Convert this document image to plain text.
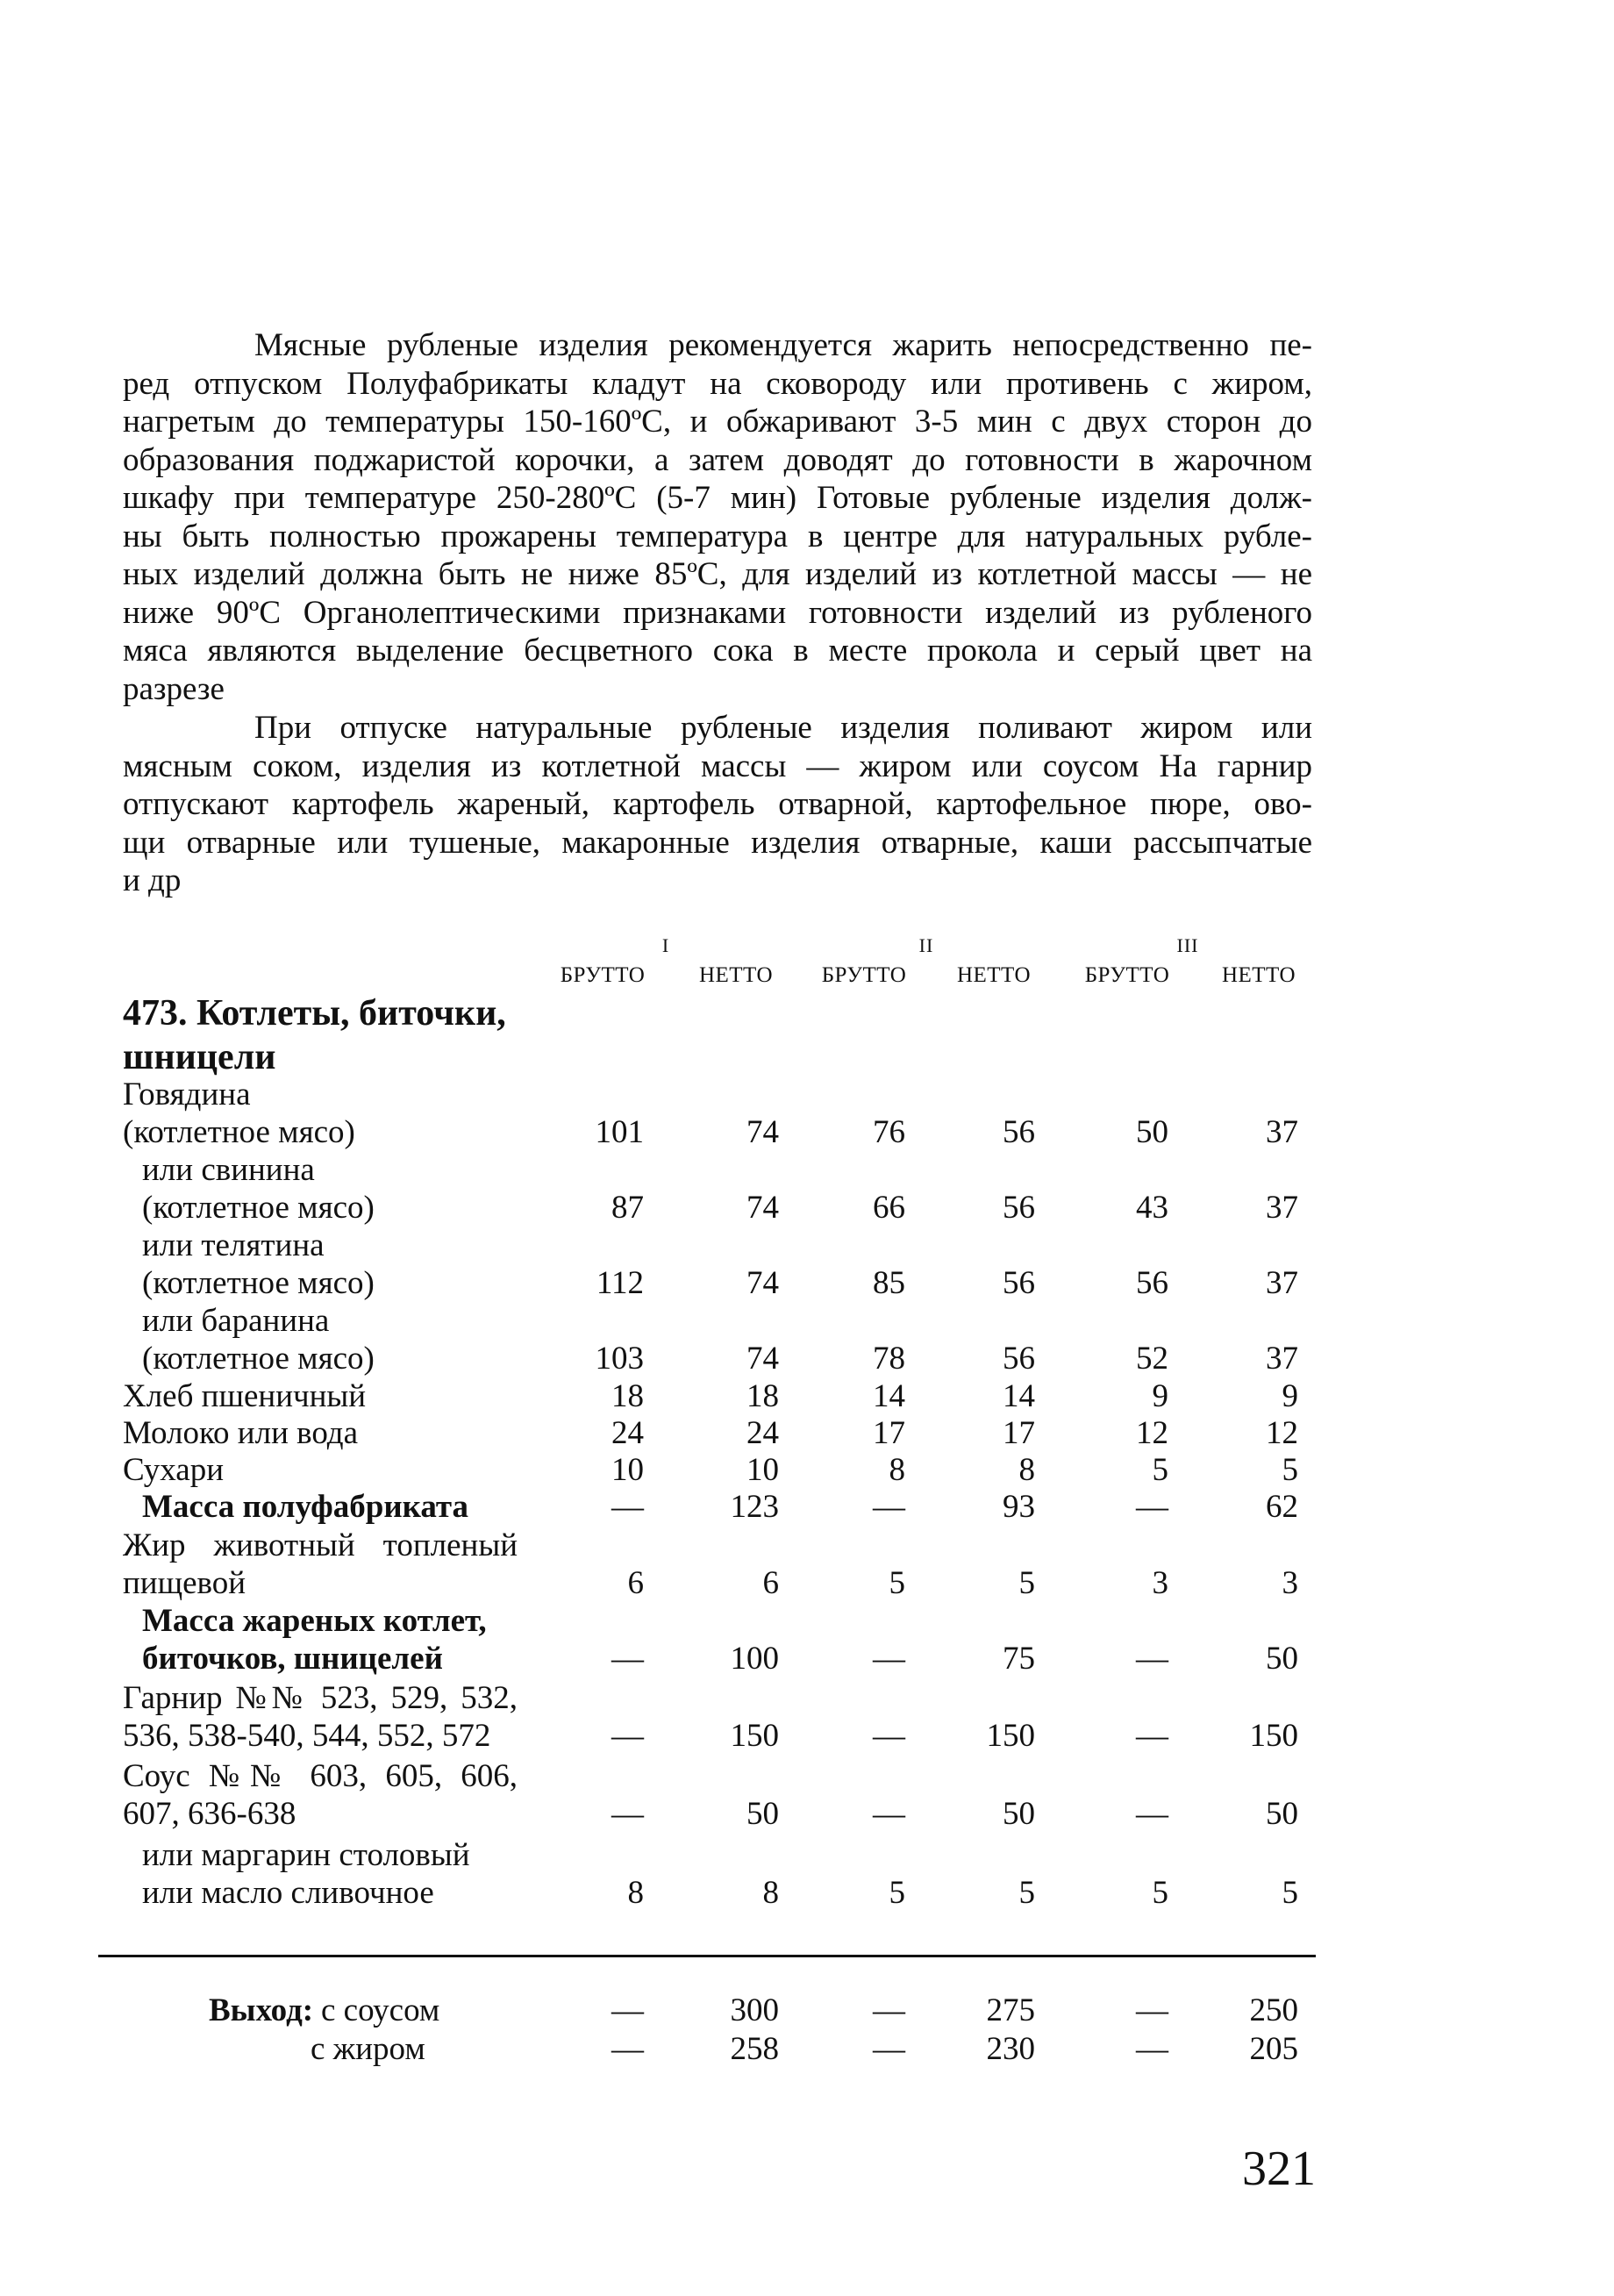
Мясные рубленые изделия рекомендуется жарить непосредственно пе-
ред отпуском Полуфабрикаты кладут на сковороду или противень с жиром,
нагретым до температуры 150-160ºС, и обжаривают 3-5 мин с двух сторон до
образования поджаристой корочки, а затем доводят до готовности в жарочном
шкафу при температуре 250-280ºС (5-7 мин) Готовые рубленые изделия долж-
ны быть полностью прожарены температура в центре для натуральных рубле-
ных изделий должна быть не ниже 85ºС, для изделий из котлетной массы — не
ниже 90ºС Органолептическими признаками готовности изделий из рубленого
мяса являются выделение бесцветного сока в месте прокола и серый цвет на
разрезе
При отпуске натуральные рубленые изделия поливают жиром или
мясным соком, изделия из котлетной массы — жиром или соусом На гарнир
отпускают картофель жареный, картофель отварной, картофельное пюре, ово-
щи отварные или тушеные, макаронные изделия отварные, каши рассыпчатые
и др
I	II	III
БРУТТО	НЕТТО	БРУТТО	НЕТТО	БРУТТО	НЕТТО
473. Котлеты, биточки,
шницели
Говядина
(котлетное мясо)	101	74	76	56	50	37
или свинина
(котлетное мясо)	87	74	66	56	43	37
или телятина
(котлетное мясо)	112	74	85	56	56	37
или баранина
(котлетное мясо)	103	74	78	56	52	37
Хлеб пшеничный	18	18	14	14	9	9
Молоко или вода	24	24	17	17	12	12
Сухари	10	10	8	8	5	5
Масса полуфабриката	—	123	—	93	—	62
Жир животный топленый
пищевой	6	6	5	5	3	3
Масса жареных котлет,
биточков, шницелей	—	100	—	75	—	50
Гарнир №№ 523, 529, 532,
536, 538-540, 544, 552, 572	—	150	—	150	—	150
Соус №№ 603, 605, 606,
607, 636-638	—	50	—	50	—	50
или маргарин столовый
или масло сливочное	8	8	5	5	5	5
Выход: с соусом	—	300	—	275	—	250
с жиром	—	258	—	230	—	205
321
